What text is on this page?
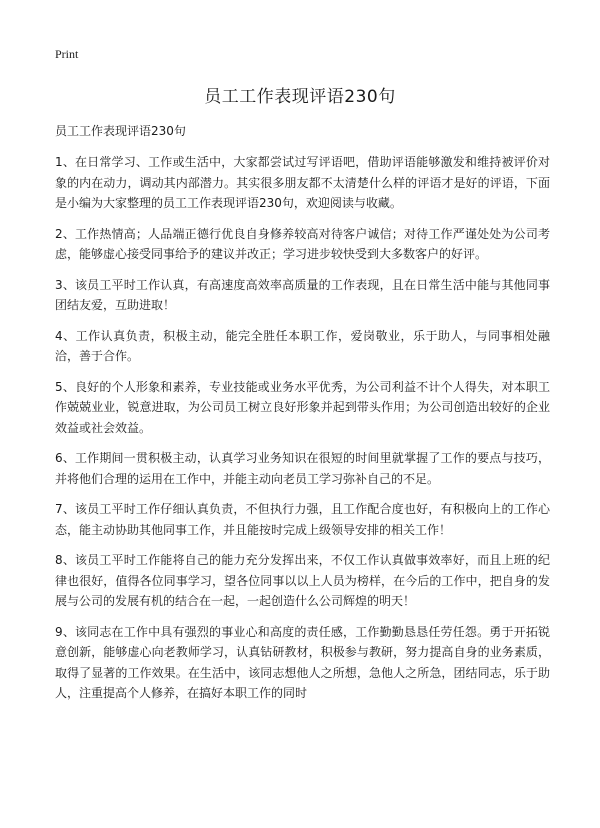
Print
员工工作表现评语230句

员工工作表现评语230句

1、在日常学习、工作或生活中，大家都尝试过写评语吧，借助评语能够激发和维持被评价对象的内在动力，调动其内部潜力。其实很多朋友都不太清楚什么样的评语才是好的评语，下面是小编为大家整理的员工工作表现评语230句，欢迎阅读与收藏。

2、工作热情高；人品端正德行优良自身修养较高对待客户诚信；对待工作严谨处处为公司考虑，能够虚心接受同事给予的建议并改正；学习进步较快受到大多数客户的好评。

3、该员工平时工作认真，有高速度高效率高质量的工作表现，且在日常生活中能与其他同事团结友爱，互助进取！

4、工作认真负责，积极主动，能完全胜任本职工作，爱岗敬业，乐于助人，与同事相处融洽，善于合作。

5、良好的个人形象和素养，专业技能或业务水平优秀，为公司利益不计个人得失，对本职工作兢兢业业，锐意进取，为公司员工树立良好形象并起到带头作用；为公司创造出较好的企业效益或社会效益。

6、工作期间一贯积极主动，认真学习业务知识在很短的时间里就掌握了工作的要点与技巧，并将他们合理的运用在工作中，并能主动向老员工学习弥补自己的不足。

7、该员工平时工作仔细认真负责，不但执行力强，且工作配合度也好，有积极向上的工作心态，能主动协助其他同事工作，并且能按时完成上级领导安排的相关工作！

8、该员工平时工作能将自己的能力充分发挥出来，不仅工作认真做事效率好，而且上班的纪律也很好，值得各位同事学习，望各位同事以以上人员为榜样，在今后的工作中，把自身的发展与公司的发展有机的结合在一起，一起创造什么公司辉煌的明天！

9、该同志在工作中具有强烈的事业心和高度的责任感，工作勤勤恳恳任劳任怨。勇于开拓锐意创新，能够虚心向老教师学习，认真钻研教材，积极参与教研，努力提高自身的业务素质，取得了显著的工作效果。在生活中，该同志想他人之所想，急他人之所急，团结同志，乐于助人，注重提高个人修养，在搞好本职工作的同时
